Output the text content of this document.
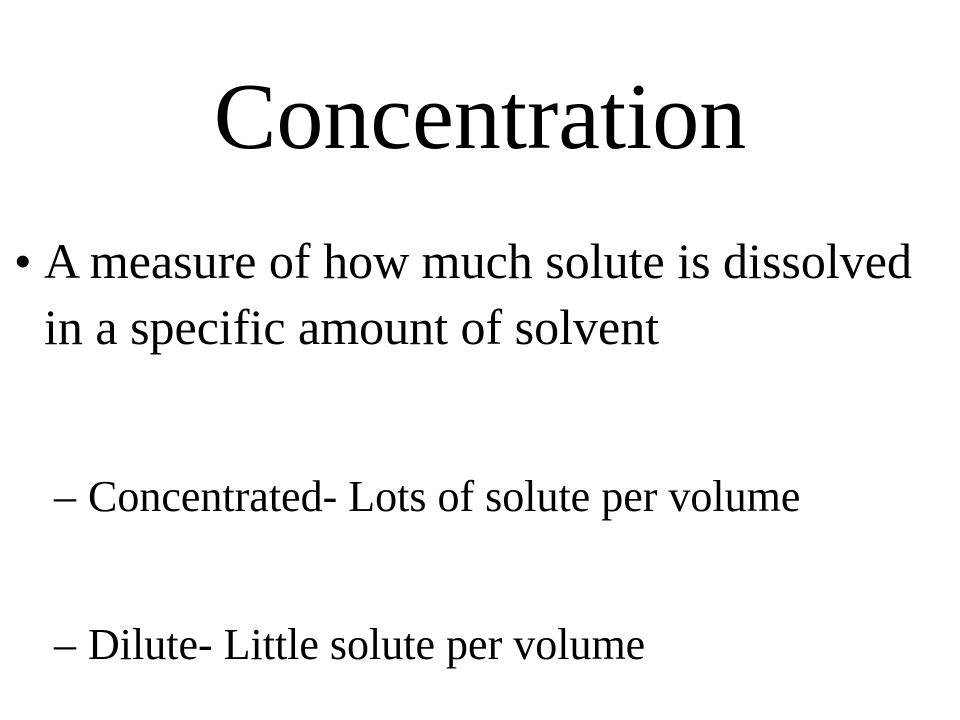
Concentration
• A measure of how much solute is dissolved in a specific amount of solvent
– Concentrated- Lots of solute per volume
– Dilute- Little solute per volume
